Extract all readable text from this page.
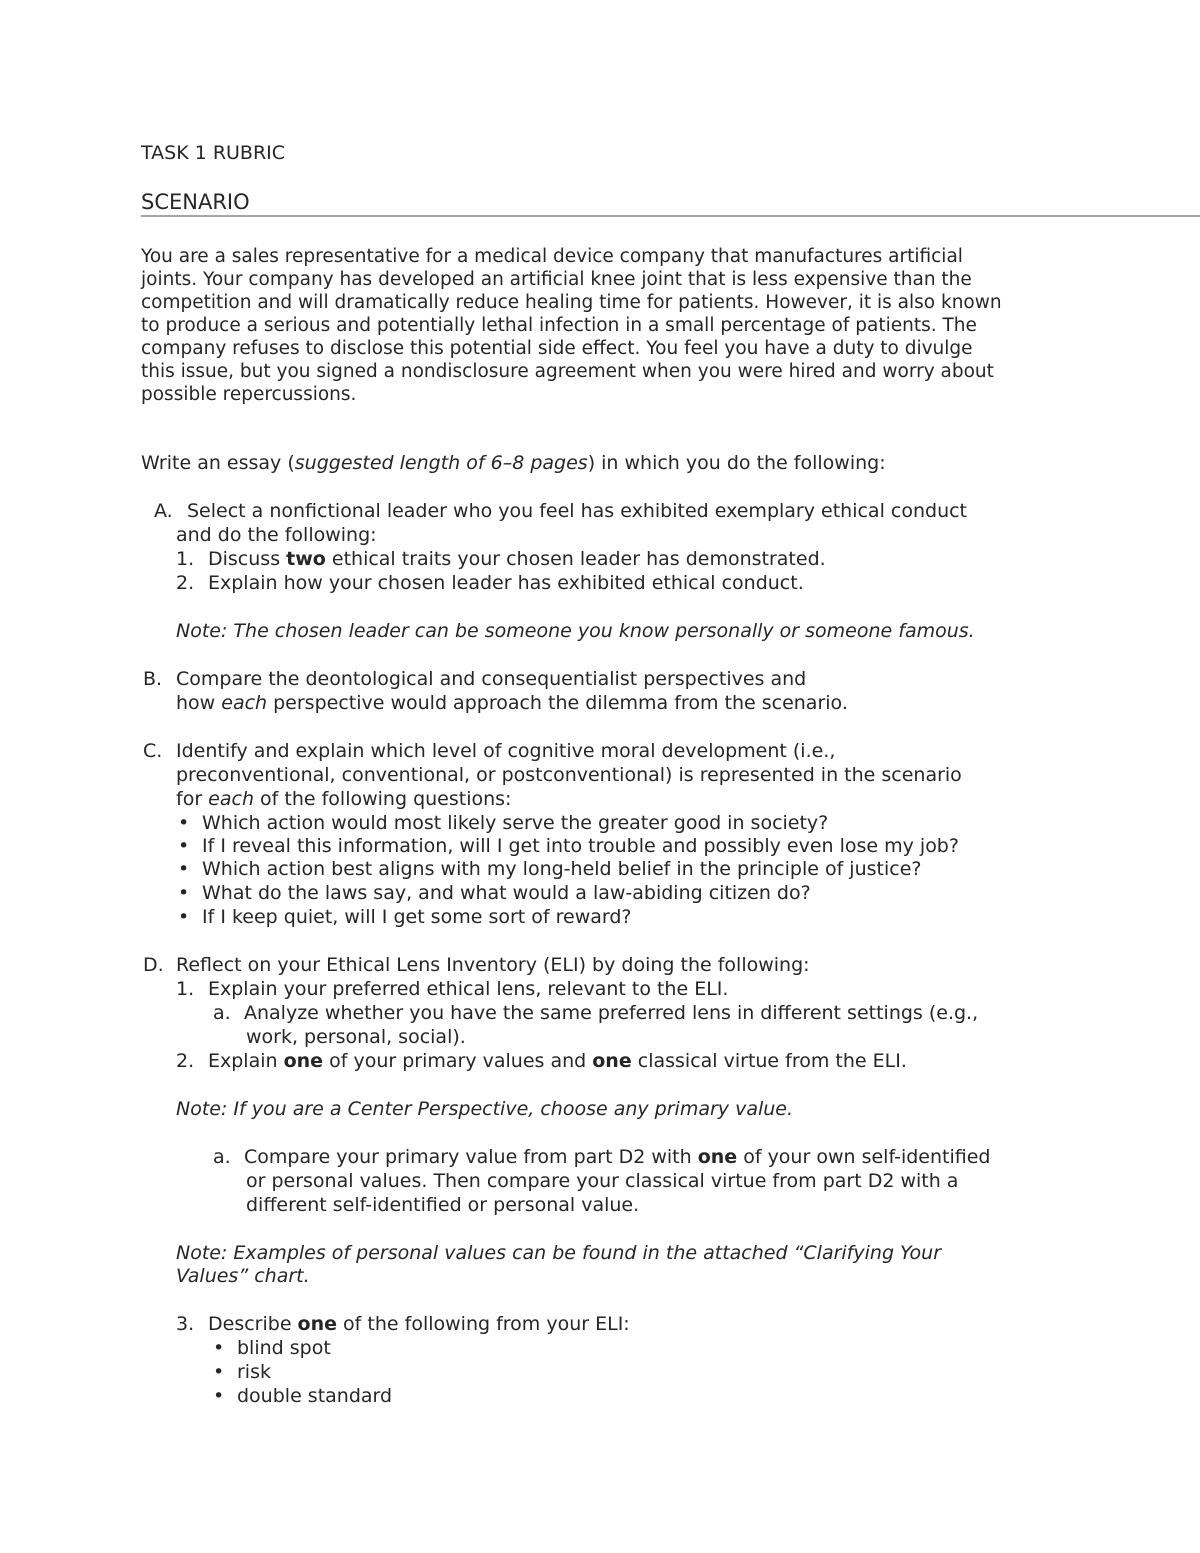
TASK 1 RUBRIC
SCENARIO
You are a sales representative for a medical device company that manufactures artificial
joints. Your company has developed an artificial knee joint that is less expensive than the
competition and will dramatically reduce healing time for patients. However, it is also known
to produce a serious and potentially lethal infection in a small percentage of patients. The
company refuses to disclose this potential side effect. You feel you have a duty to divulge
this issue, but you signed a nondisclosure agreement when you were hired and worry about
possible repercussions.
Write an essay (suggested length of 6–8 pages) in which you do the following:
A. Select a nonfictional leader who you feel has exhibited exemplary ethical conduct
and do the following:
1. Discuss two ethical traits your chosen leader has demonstrated.
2. Explain how your chosen leader has exhibited ethical conduct.
Note: The chosen leader can be someone you know personally or someone famous.
B. Compare the deontological and consequentialist perspectives and
how each perspective would approach the dilemma from the scenario.
C. Identify and explain which level of cognitive moral development (i.e.,
preconventional, conventional, or postconventional) is represented in the scenario
for each of the following questions:
• Which action would most likely serve the greater good in society?
• If I reveal this information, will I get into trouble and possibly even lose my job?
• Which action best aligns with my long-held belief in the principle of justice?
• What do the laws say, and what would a law-abiding citizen do?
• If I keep quiet, will I get some sort of reward?
D. Reflect on your Ethical Lens Inventory (ELI) by doing the following:
1. Explain your preferred ethical lens, relevant to the ELI.
a. Analyze whether you have the same preferred lens in different settings (e.g.,
work, personal, social).
2. Explain one of your primary values and one classical virtue from the ELI.
Note: If you are a Center Perspective, choose any primary value.
a. Compare your primary value from part D2 with one of your own self-identified
or personal values. Then compare your classical virtue from part D2 with a
different self-identified or personal value.
Note: Examples of personal values can be found in the attached “Clarifying Your
Values” chart.
3. Describe one of the following from your ELI:
• blind spot
• risk
• double standard
